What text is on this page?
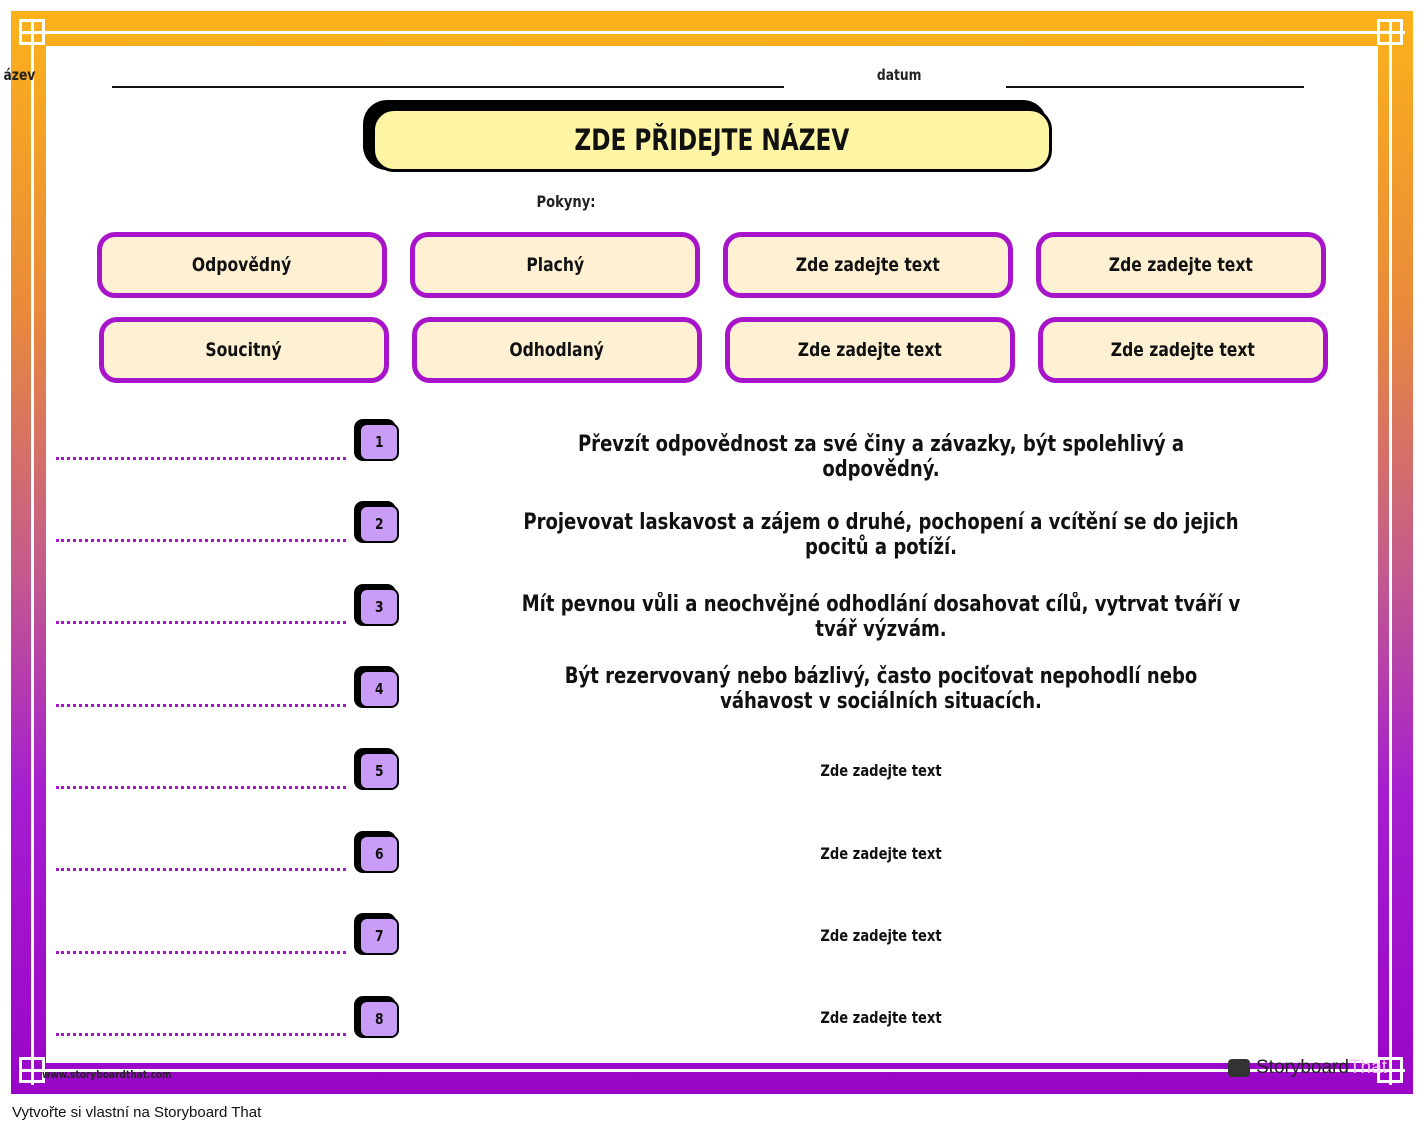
ázev	datum
ZDE PŘIDEJTE NÁZEV
Pokyny:
Odpovědný	Plachý	Zde zadejte text	Zde zadejte text
Soucitný	Odhodlaný	Zde zadejte text	Zde zadejte text
1	Převzít odpovědnost za své činy a závazky, být spolehlivý a odpovědný.
2	Projevovat laskavost a zájem o druhé, pochopení a vcítění se do jejich pocitů a potíží.
3	Mít pevnou vůli a neochvějné odhodlání dosahovat cílů, vytrvat tváří v tvář výzvám.
4	Být rezervovaný nebo bázlivý, často pociťovat nepohodlí nebo váhavost v sociálních situacích.
5	Zde zadejte text
6	Zde zadejte text
7	Zde zadejte text
8	Zde zadejte text
www.storyboardthat.com	StoryboardThat
Vytvořte si vlastní na Storyboard That
